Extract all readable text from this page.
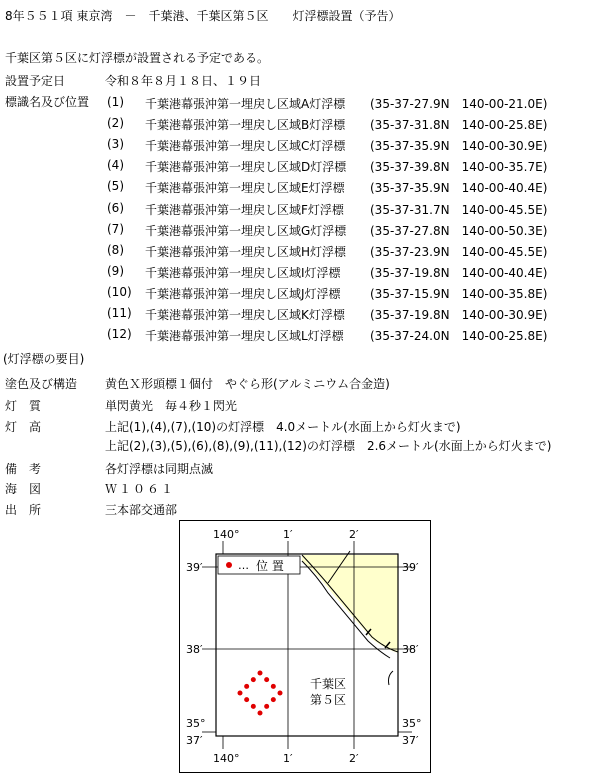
8年５５１項 東京湾　－　千葉港、千葉区第５区　　灯浮標設置（予告）
千葉区第５区に灯浮標が設置される予定である。
設置予定日	令和８年８月１８日、１９日
標識名及び位置 (1) 千葉港幕張沖第一埋戻し区域A灯浮標 (35-37-27.9N　140-00-21.0E)
(2) 千葉港幕張沖第一埋戻し区域B灯浮標 (35-37-31.8N　140-00-25.8E)
(3) 千葉港幕張沖第一埋戻し区域C灯浮標 (35-37-35.9N　140-00-30.9E)
(4) 千葉港幕張沖第一埋戻し区域D灯浮標 (35-37-39.8N　140-00-35.7E)
(5) 千葉港幕張沖第一埋戻し区域E灯浮標 (35-37-35.9N　140-00-40.4E)
(6) 千葉港幕張沖第一埋戻し区域F灯浮標 (35-37-31.7N　140-00-45.5E)
(7) 千葉港幕張沖第一埋戻し区域G灯浮標 (35-37-27.8N　140-00-50.3E)
(8) 千葉港幕張沖第一埋戻し区域H灯浮標 (35-37-23.9N　140-00-45.5E)
(9) 千葉港幕張沖第一埋戻し区域I灯浮標 (35-37-19.8N　140-00-40.4E)
(10) 千葉港幕張沖第一埋戻し区域J灯浮標 (35-37-15.9N　140-00-35.8E)
(11) 千葉港幕張沖第一埋戻し区域K灯浮標 (35-37-19.8N　140-00-30.9E)
(12) 千葉港幕張沖第一埋戻し区域L灯浮標 (35-37-24.0N　140-00-25.8E)
(灯浮標の要目)
塗色及び構造 黄色Ｘ形頭標１個付　やぐら形(アルミニウム合金造)
灯　質	単閃黄光　毎４秒１閃光
灯　高	上記(1),(4),(7),(10)の灯浮標　4.0メートル(水面上から灯火まで)
上記(2),(3),(5),(6),(8),(9),(11),(12)の灯浮標　2.6メートル(水面上から灯火まで)
備　考	各灯浮標は同期点滅
海　図	Ｗ１０６１
出　所	三本部交通部
… 位 置
140°	1′	2′
140°	1′	2′
39′
38′
35°
37′
39′
38′
35°
37′
千葉区
第５区
